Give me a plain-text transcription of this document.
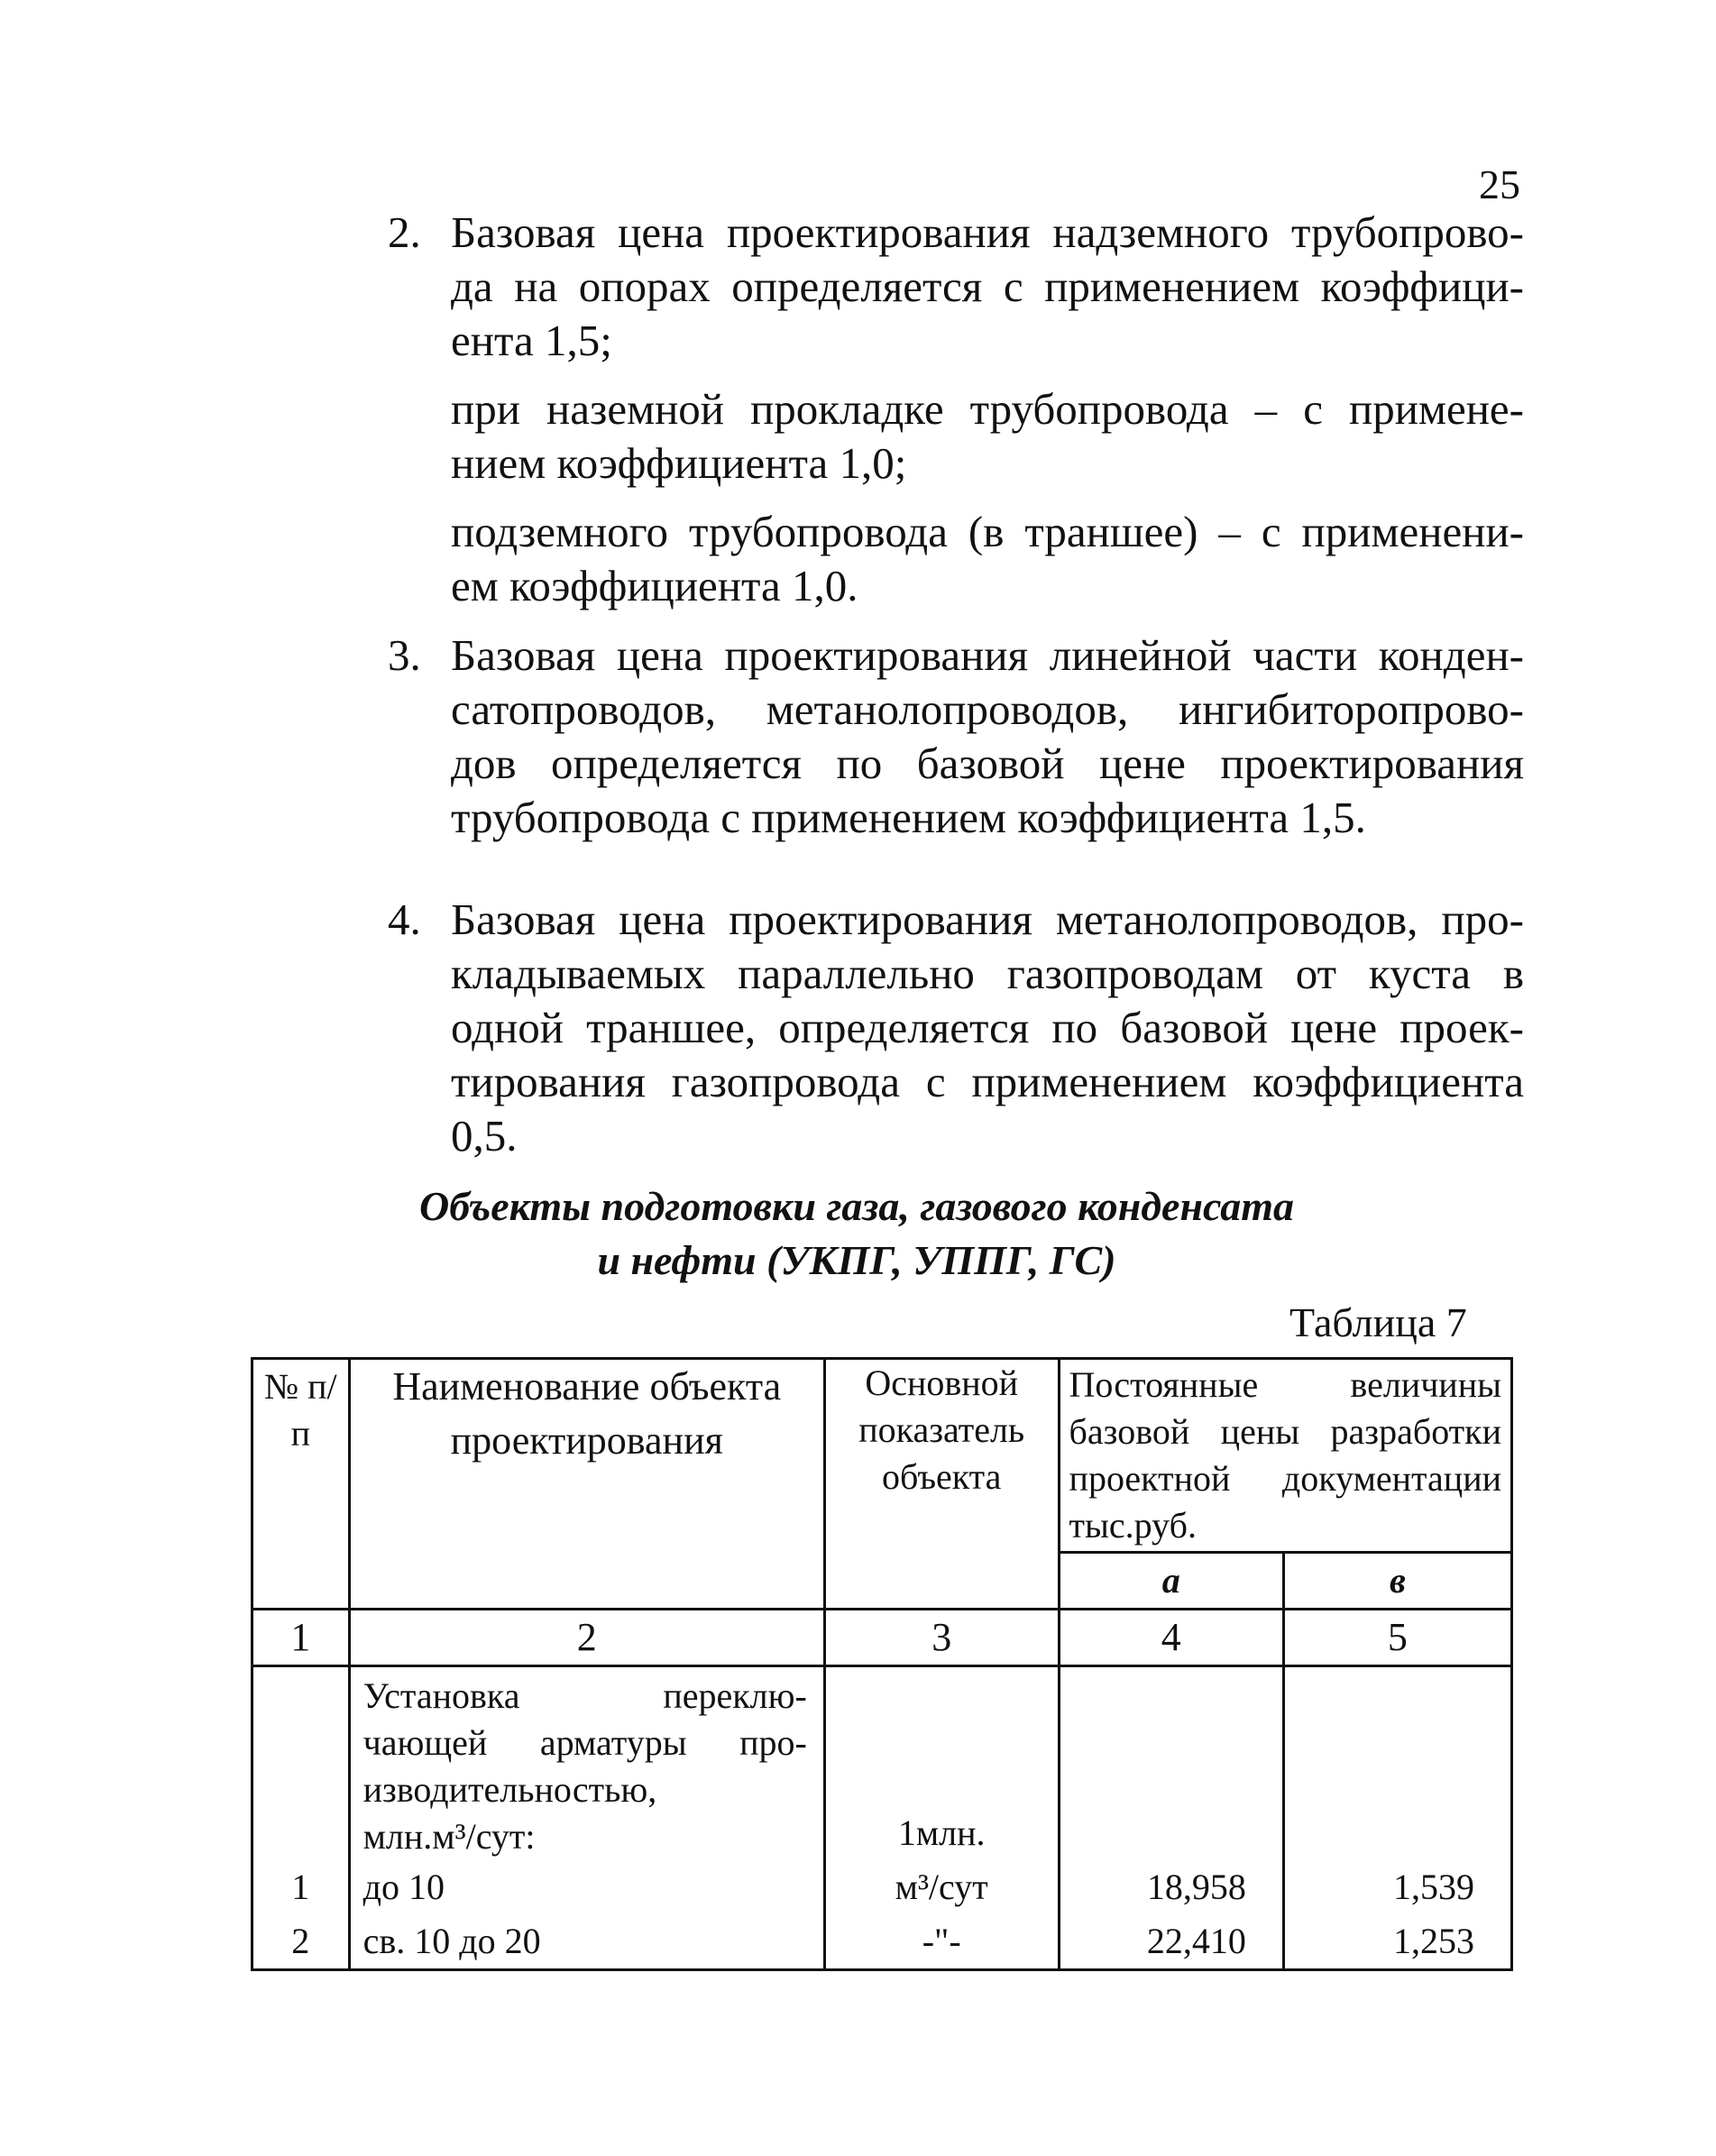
25
2. Базовая цена проектирования надземного трубопрово-
да на опорах определяется с применением коэффици-
ента 1,5;
при наземной прокладке трубопровода – с примене-
нием коэффициента 1,0;
подземного трубопровода (в траншее) – с применени-
ем коэффициента 1,0.
3. Базовая цена проектирования линейной части конден-
сатопроводов, метанолопроводов, ингибиторопрово-
дов определяется по базовой цене проектирования
трубопровода с применением коэффициента 1,5.
4. Базовая цена проектирования метанолопроводов, про-
кладываемых параллельно газопроводам от куста в
одной траншее, определяется по базовой цене проек-
тирования газопровода с применением коэффициента
0,5.
Объекты подготовки газа, газового конденсата
и нефти (УКПГ, УППГ, ГС)
Таблица 7
№ п/п	Наименование объекта проектирования	Основной показатель объекта	Постоянные величины базовой цены разработки проектной документации тыс.руб.	
			а	в
1	2	3	4	5

	Установка переклю-
чающей арматуры про-
изводительностью,
млн.м³/сут:	1млн.		
1	до 10	м³/сут	18,958	1,539
2	св. 10 до 20	-"-	22,410	1,253
